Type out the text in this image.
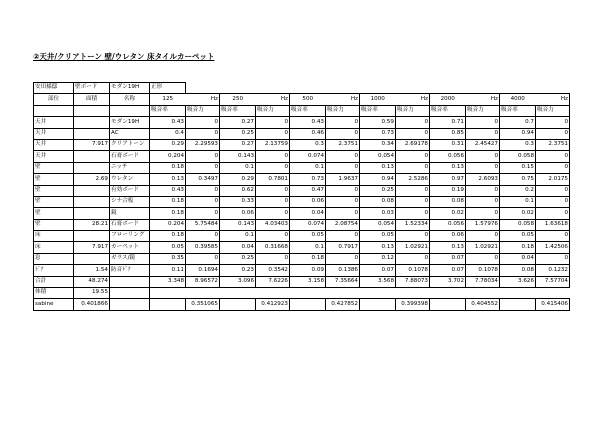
②天井/クリアトーン 壁/ウレタン 床タイルカーペット
安田様邸	壁ボード	モダン19H	正形											
部位	面積	名称	125	Hz	250	Hz	500	Hz	1000	Hz	2000	Hz	4000	Hz
			吸音率	吸音力	吸音率	吸音力	吸音率	吸音力	吸音率	吸音力	吸音率	吸音力	吸音率	吸音力
天井		モダン19H	0.43	0	0.27	0	0.43	0	0.59	0	0.71	0	0.7	0
天井		AC	0.4	0	0.25	0	0.46	0	0.73	0	0.85	0	0.94	0
天井	7.917	クリアトーン	0.29	2.29593	0.27	2.13759	0.3	2.3751	0.34	2.69178	0.31	2.45427	0.3	2.3751
天井		石膏ボード	0.204	0	0.143	0	0.074	0	0.054	0	0.056	0	0.058	0
壁		ニッチ	0.18	0	0.1	0	0.1	0	0.13	0	0.13	0	0.15	0
壁	2.69	ウレタン	0.13	0.3497	0.29	0.7801	0.73	1.9637	0.94	2.5286	0.97	2.6093	0.75	2.0175
壁		有効ボード	0.43	0	0.62	0	0.47	0	0.25	0	0.19	0	0.2	0
壁		シナ合板	0.18	0	0.33	0	0.06	0	0.08	0	0.08	0	0.1	0
壁		鏡	0.18	0	0.06	0	0.04	0	0.03	0	0.02	0	0.02	0
壁	28.21	石膏ボード	0.204	5.75484	0.143	4.03403	0.074	2.08754	0.054	1.52334	0.056	1.57976	0.058	1.63618
床		フローリング	0.18	0	0.1	0	0.05	0	0.05	0	0.06	0	0.05	0
床	7.917	カーペット	0.05	0.39585	0.04	0.31668	0.1	0.7917	0.13	1.02921	0.13	1.02921	0.18	1.42506
窓		ガラス/鏡	0.35	0	0.25	0	0.18	0	0.12	0	0.07	0	0.04	0
ﾄﾞｱ	1.54	防音ﾄﾞｱ	0.11	0.1694	0.23	0.3542	0.09	0.1386	0.07	0.1078	0.07	0.1078	0.08	0.1232
合計	48.274		3.348	8.96572	3.096	7.6226	3.158	7.35664	3.568	7.88073	3.702	7.78034	3.626	7.57704
体積	19.55													
sabine	0.401866			0.351065		0.412923		0.427852		0.399398		0.404552		0.415406
